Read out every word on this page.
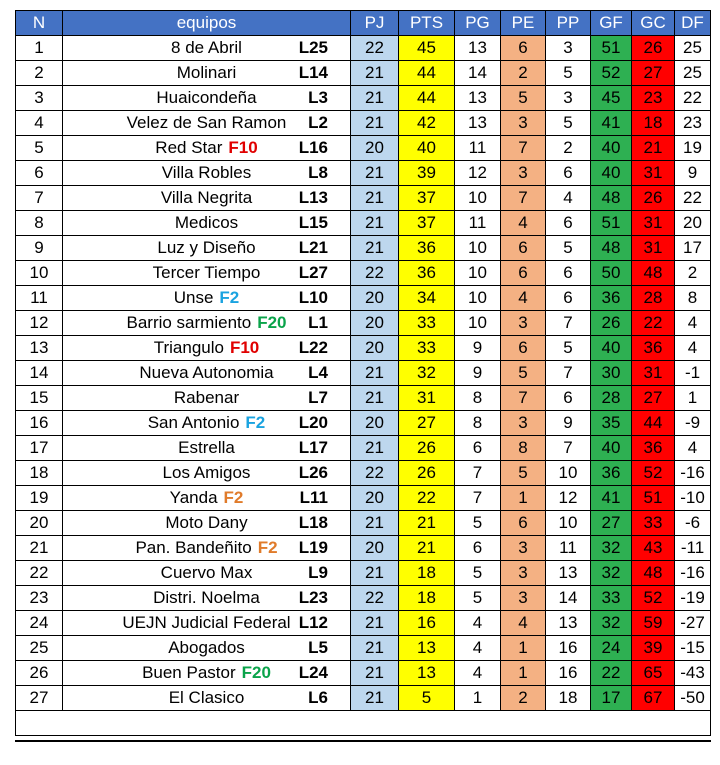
N	equipos	PJ	PTS	PG	PE	PP	GF	GC	DF
1	8 de Abril L25	22	45	13	6	3	51	26	25
2	Molinari L14	21	44	14	2	5	52	27	25
3	Huaicondeña L3	21	44	13	5	3	45	23	22
4	Velez de San Ramon L2	21	42	13	3	5	41	18	23
5	Red Star F10 L16	20	40	11	7	2	40	21	19
6	Villa Robles L8	21	39	12	3	6	40	31	9
7	Villa Negrita L13	21	37	10	7	4	48	26	22
8	Medicos L15	21	37	11	4	6	51	31	20
9	Luz y Diseño L21	21	36	10	6	5	48	31	17
10	Tercer Tiempo L27	22	36	10	6	6	50	48	2
11	Unse F2 L10	20	34	10	4	6	36	28	8
12	Barrio sarmiento F20 L1	20	33	10	3	7	26	22	4
13	Triangulo F10 L22	20	33	9	6	5	40	36	4
14	Nueva Autonomia L4	21	32	9	5	7	30	31	-1
15	Rabenar L7	21	31	8	7	6	28	27	1
16	San Antonio F2 L20	20	27	8	3	9	35	44	-9
17	Estrella L17	21	26	6	8	7	40	36	4
18	Los Amigos L26	22	26	7	5	10	36	52	-16
19	Yanda F2 L11	20	22	7	1	12	41	51	-10
20	Moto Dany L18	21	21	5	6	10	27	33	-6
21	Pan. Bandeñito F2 L19	20	21	6	3	11	32	43	-11
22	Cuervo Max L9	21	18	5	3	13	32	48	-16
23	Distri. Noelma L23	22	18	5	3	14	33	52	-19
24	UEJN Judicial Federal L12	21	16	4	4	13	32	59	-27
25	Abogados L5	21	13	4	1	16	24	39	-15
26	Buen Pastor F20 L24	21	13	4	1	16	22	65	-43
27	El Clasico L6	21	5	1	2	18	17	67	-50
